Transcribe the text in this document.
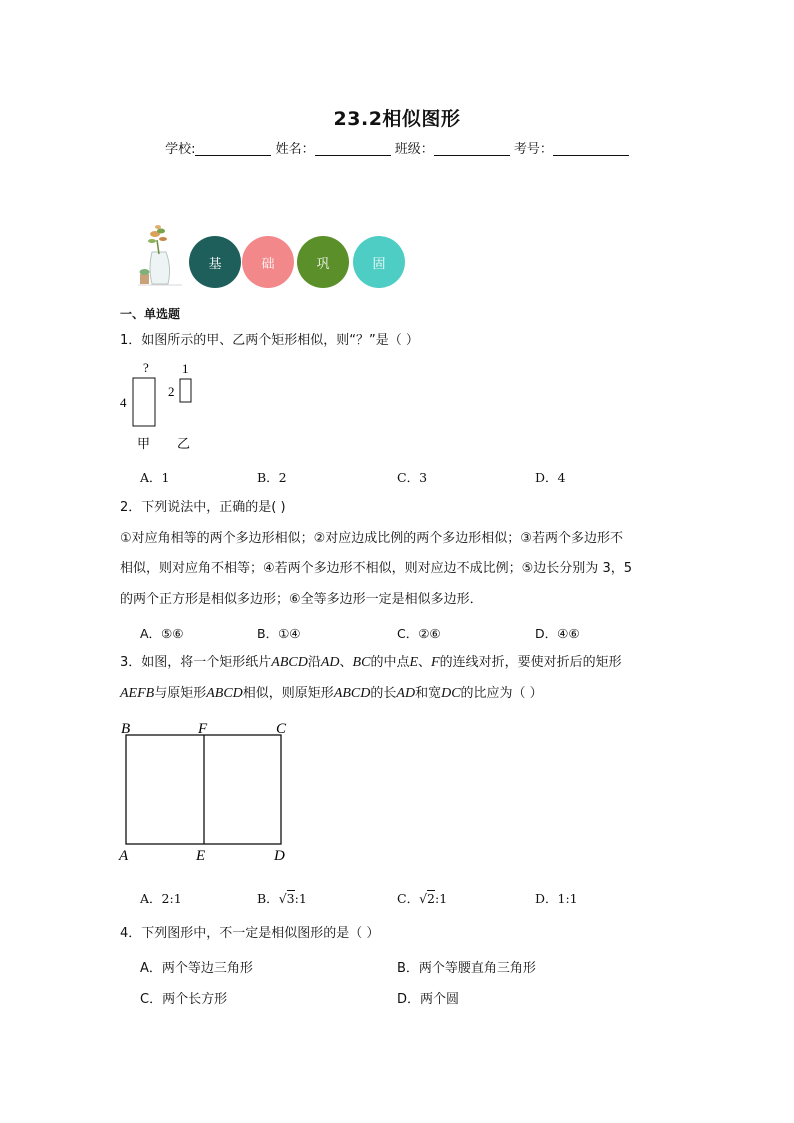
23.2相似图形
学校:	姓名：	班级：	考号：
基	础	巩	固
一、单选题
1．如图所示的甲、乙两个矩形相似，则“？”是（ ）
?
4
甲
1
2
乙
A．1	B．2	C．3	D．4
2．下列说法中，正确的是( )
①对应角相等的两个多边形相似；②对应边成比例的两个多边形相似；③若两个多边形不
相似，则对应角不相等；④若两个多边形不相似，则对应边不成比例；⑤边长分别为 3，5
的两个正方形是相似多边形；⑥全等多边形一定是相似多边形．
A．⑤⑥	B．①④	C．②⑥	D．④⑥
3．如图，将一个矩形纸片ABCD沿AD、BC的中点E、F的连线对折，要使对折后的矩形
AEFB与原矩形ABCD相似，则原矩形ABCD的长AD和宽DC的比应为（ ）
B	F	C
A	E	D
A．2:1	B．√3:1	C．√2:1	D．1:1
4．下列图形中，不一定是相似图形的是（ ）
A．两个等边三角形	B．两个等腰直角三角形
C．两个长方形	D．两个圆
